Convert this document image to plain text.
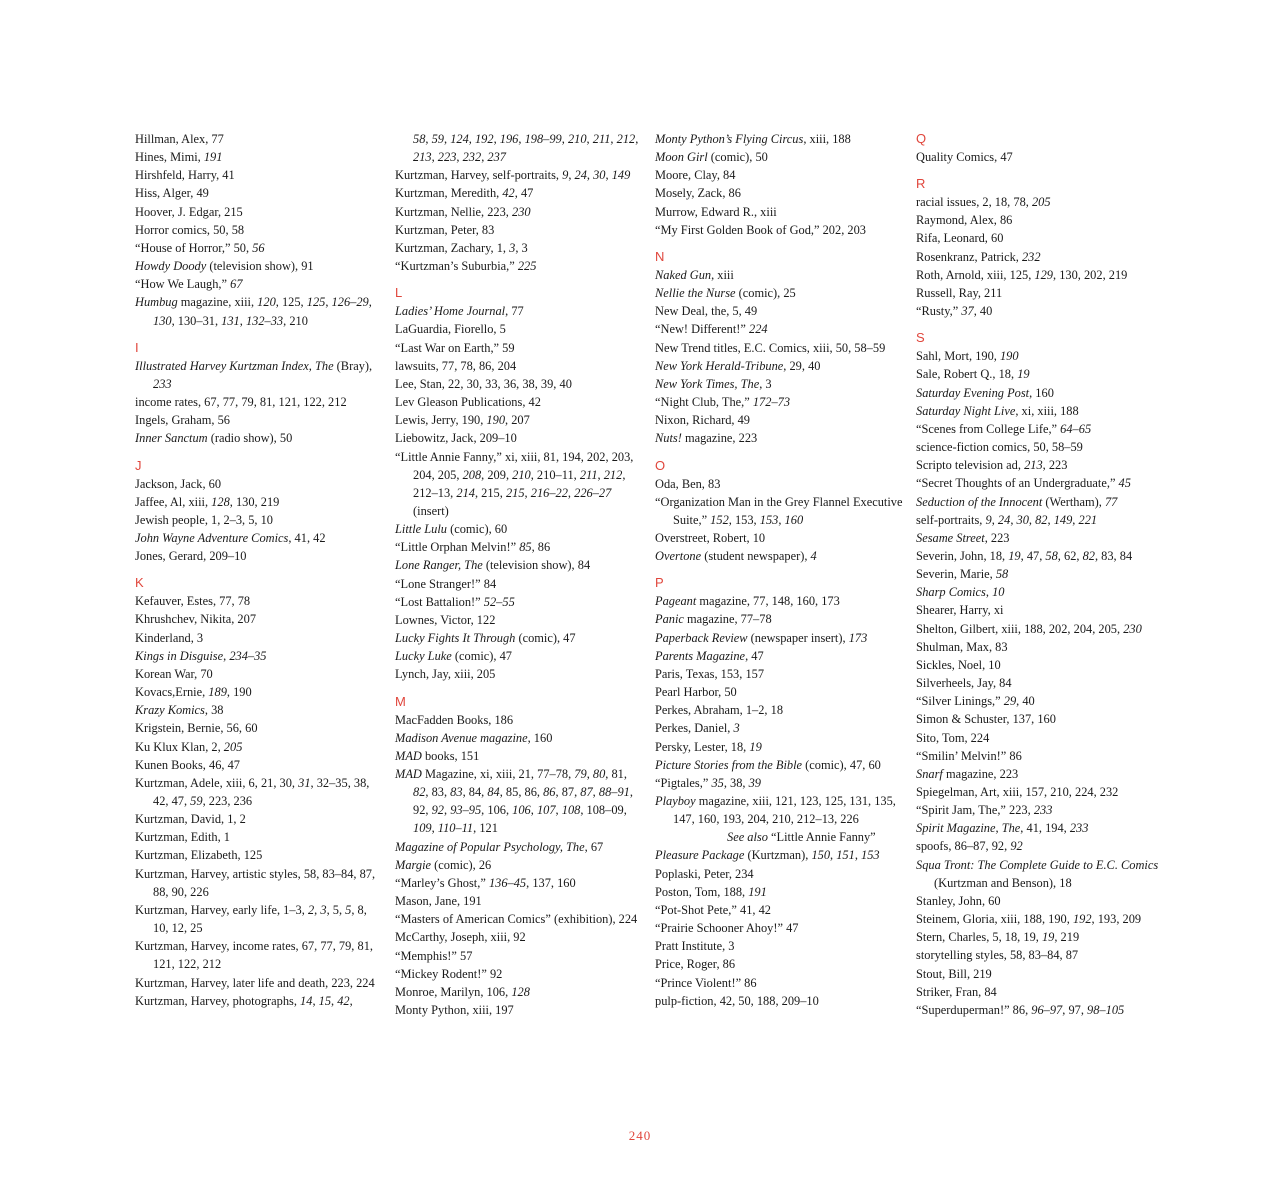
Hillman, Alex, 77
Hines, Mimi, 191
Hirshfeld, Harry, 41
Hiss, Alger, 49
Hoover, J. Edgar, 215
Horror comics, 50, 58
“House of Horror,” 50, 56
Howdy Doody (television show), 91
“How We Laugh,” 67
Humbug magazine, xiii, 120, 125, 125, 126–29, 130, 130–31, 131, 132–33, 210
I
Illustrated Harvey Kurtzman Index, The (Bray), 233
income rates, 67, 77, 79, 81, 121, 122, 212
Ingels, Graham, 56
Inner Sanctum (radio show), 50
J
Jackson, Jack, 60
Jaffee, Al, xiii, 128, 130, 219
Jewish people, 1, 2–3, 5, 10
John Wayne Adventure Comics, 41, 42
Jones, Gerard, 209–10
K
Kefauver, Estes, 77, 78
Khrushchev, Nikita, 207
Kinderland, 3
Kings in Disguise, 234–35
Korean War, 70
Kovacs,Ernie, 189, 190
Krazy Komics, 38
Krigstein, Bernie, 56, 60
Ku Klux Klan, 2, 205
Kunen Books, 46, 47
Kurtzman, Adele, xiii, 6, 21, 30, 31, 32–35, 38, 42, 47, 59, 223, 236
Kurtzman, David, 1, 2
Kurtzman, Edith, 1
Kurtzman, Elizabeth, 125
Kurtzman, Harvey, artistic styles, 58, 83–84, 87, 88, 90, 226
Kurtzman, Harvey, early life, 1–3, 2, 3, 5, 5, 8, 10, 12, 25
Kurtzman, Harvey, income rates, 67, 77, 79, 81, 121, 122, 212
Kurtzman, Harvey, later life and death, 223, 224
Kurtzman, Harvey, photographs, 14, 15, 42,
58, 59, 124, 192, 196, 198–99, 210, 211, 212, 213, 223, 232, 237
Kurtzman, Harvey, self-portraits, 9, 24, 30, 149
Kurtzman, Meredith, 42, 47
Kurtzman, Nellie, 223, 230
Kurtzman, Peter, 83
Kurtzman, Zachary, 1, 3, 3
“Kurtzman’s Suburbia,” 225
L
Ladies’ Home Journal, 77
LaGuardia, Fiorello, 5
“Last War on Earth,” 59
lawsuits, 77, 78, 86, 204
Lee, Stan, 22, 30, 33, 36, 38, 39, 40
Lev Gleason Publications, 42
Lewis, Jerry, 190, 190, 207
Liebowitz, Jack, 209–10
“Little Annie Fanny,” xi, xiii, 81, 194, 202, 203, 204, 205, 208, 209, 210, 210–11, 211, 212, 212–13, 214, 215, 215, 216–22, 226–27 (insert)
Little Lulu (comic), 60
“Little Orphan Melvin!” 85, 86
Lone Ranger, The (television show), 84
“Lone Stranger!” 84
“Lost Battalion!” 52–55
Lownes, Victor, 122
Lucky Fights It Through (comic), 47
Lucky Luke (comic), 47
Lynch, Jay, xiii, 205
M
MacFadden Books, 186
Madison Avenue magazine, 160
MAD books, 151
MAD Magazine, xi, xiii, 21, 77–78, 79, 80, 81, 82, 83, 83, 84, 84, 85, 86, 86, 87, 87, 88–91, 92, 92, 93–95, 106, 106, 107, 108, 108–09, 109, 110–11, 121
Magazine of Popular Psychology, The, 67
Margie (comic), 26
“Marley’s Ghost,” 136–45, 137, 160
Mason, Jane, 191
“Masters of American Comics” (exhibition), 224
McCarthy, Joseph, xiii, 92
“Memphis!” 57
“Mickey Rodent!” 92
Monroe, Marilyn, 106, 128
Monty Python, xiii, 197
Monty Python’s Flying Circus, xiii, 188
Moon Girl (comic), 50
Moore, Clay, 84
Mosely, Zack, 86
Murrow, Edward R., xiii
“My First Golden Book of God,” 202, 203
N
Naked Gun, xiii
Nellie the Nurse (comic), 25
New Deal, the, 5, 49
“New! Different!” 224
New Trend titles, E.C. Comics, xiii, 50, 58–59
New York Herald-Tribune, 29, 40
New York Times, The, 3
“Night Club, The,” 172–73
Nixon, Richard, 49
Nuts! magazine, 223
O
Oda, Ben, 83
“Organization Man in the Grey Flannel Executive Suite,” 152, 153, 153, 160
Overstreet, Robert, 10
Overtone (student newspaper), 4
P
Pageant magazine, 77, 148, 160, 173
Panic magazine, 77–78
Paperback Review (newspaper insert), 173
Parents Magazine, 47
Paris, Texas, 153, 157
Pearl Harbor, 50
Perkes, Abraham, 1–2, 18
Perkes, Daniel, 3
Persky, Lester, 18, 19
Picture Stories from the Bible (comic), 47, 60
“Pigtales,” 35, 38, 39
Playboy magazine, xiii, 121, 123, 125, 131, 135, 147, 160, 193, 204, 210, 212–13, 226
See also “Little Annie Fanny”
Pleasure Package (Kurtzman), 150, 151, 153
Poplaski, Peter, 234
Poston, Tom, 188, 191
“Pot-Shot Pete,” 41, 42
“Prairie Schooner Ahoy!” 47
Pratt Institute, 3
Price, Roger, 86
“Prince Violent!” 86
pulp-fiction, 42, 50, 188, 209–10
Q
Quality Comics, 47
R
racial issues, 2, 18, 78, 205
Raymond, Alex, 86
Rifa, Leonard, 60
Rosenkranz, Patrick, 232
Roth, Arnold, xiii, 125, 129, 130, 202, 219
Russell, Ray, 211
“Rusty,” 37, 40
S
Sahl, Mort, 190, 190
Sale, Robert Q., 18, 19
Saturday Evening Post, 160
Saturday Night Live, xi, xiii, 188
“Scenes from College Life,” 64–65
science-fiction comics, 50, 58–59
Scripto television ad, 213, 223
“Secret Thoughts of an Undergraduate,” 45
Seduction of the Innocent (Wertham), 77
self-portraits, 9, 24, 30, 82, 149, 221
Sesame Street, 223
Severin, John, 18, 19, 47, 58, 62, 82, 83, 84
Severin, Marie, 58
Sharp Comics, 10
Shearer, Harry, xi
Shelton, Gilbert, xiii, 188, 202, 204, 205, 230
Shulman, Max, 83
Sickles, Noel, 10
Silverheels, Jay, 84
“Silver Linings,” 29, 40
Simon & Schuster, 137, 160
Sito, Tom, 224
“Smilin’ Melvin!” 86
Snarf magazine, 223
Spiegelman, Art, xiii, 157, 210, 224, 232
“Spirit Jam, The,” 223, 233
Spirit Magazine, The, 41, 194, 233
spoofs, 86–87, 92, 92
Squa Tront: The Complete Guide to E.C. Comics (Kurtzman and Benson), 18
Stanley, John, 60
Steinem, Gloria, xiii, 188, 190, 192, 193, 209
Stern, Charles, 5, 18, 19, 19, 219
storytelling styles, 58, 83–84, 87
Stout, Bill, 219
Striker, Fran, 84
“Superduperman!” 86, 96–97, 97, 98–105
240
